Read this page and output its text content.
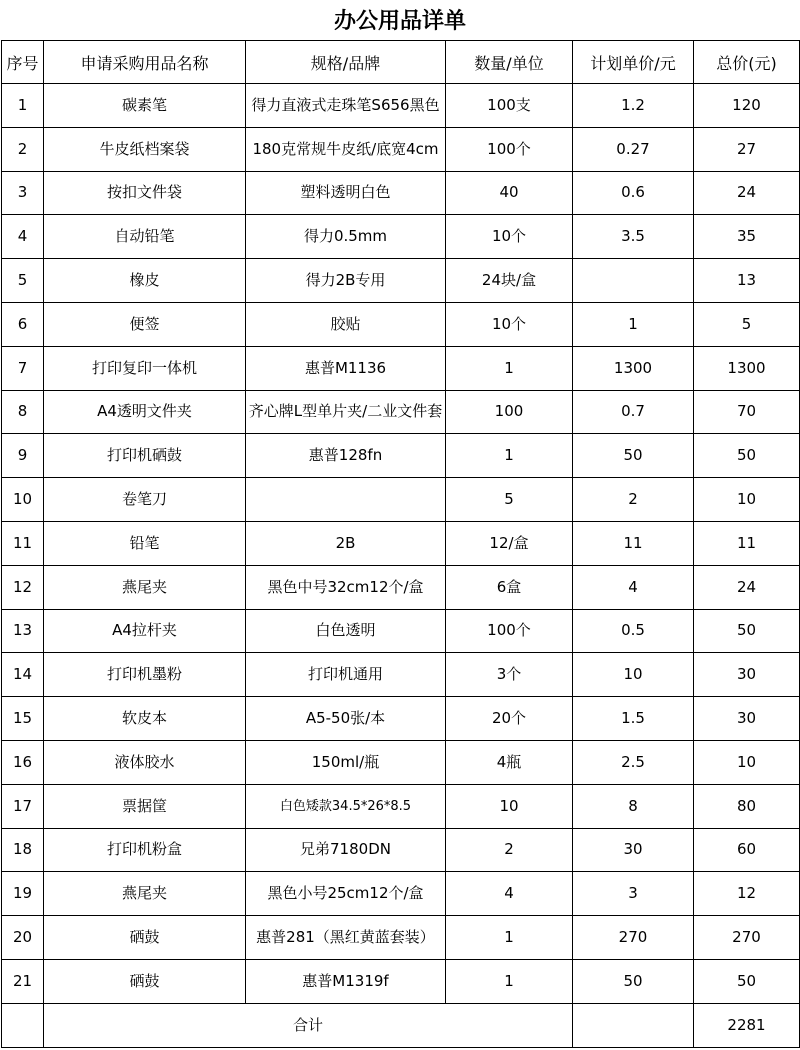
办公用品详单
序号	申请采购用品名称	规格/品牌	数量/单位	计划单价/元	总价(元)
1	碳素笔	得力直液式走珠笔S656黑色	100支	1.2	120
2	牛皮纸档案袋	180克常规牛皮纸/底宽4cm	100个	0.27	27
3	按扣文件袋	塑料透明白色	40	0.6	24
4	自动铅笔	得力0.5mm	10个	3.5	35
5	橡皮	得力2B专用	24块/盒		13
6	便签	胶贴	10个	1	5
7	打印复印一体机	惠普M1136	1	1300	1300
8	A4透明文件夹	齐心牌L型单片夹/二业文件套	100	0.7	70
9	打印机硒鼓	惠普128fn	1	50	50
10	卷笔刀		5	2	10
11	铅笔	2B	12/盒	11	11
12	燕尾夹	黑色中号32cm12个/盒	6盒	4	24
13	A4拉杆夹	白色透明	100个	0.5	50
14	打印机墨粉	打印机通用	3个	10	30
15	软皮本	A5-50张/本	20个	1.5	30
16	液体胶水	150ml/瓶	4瓶	2.5	10
17	票据筐	白色矮款34.5*26*8.5	10	8	80
18	打印机粉盒	兄弟7180DN	2	30	60
19	燕尾夹	黑色小号25cm12个/盒	4	3	12
20	硒鼓	惠普281（黑红黄蓝套装）	1	270	270
21	硒鼓	惠普M1319f	1	50	50
	合计				2281
